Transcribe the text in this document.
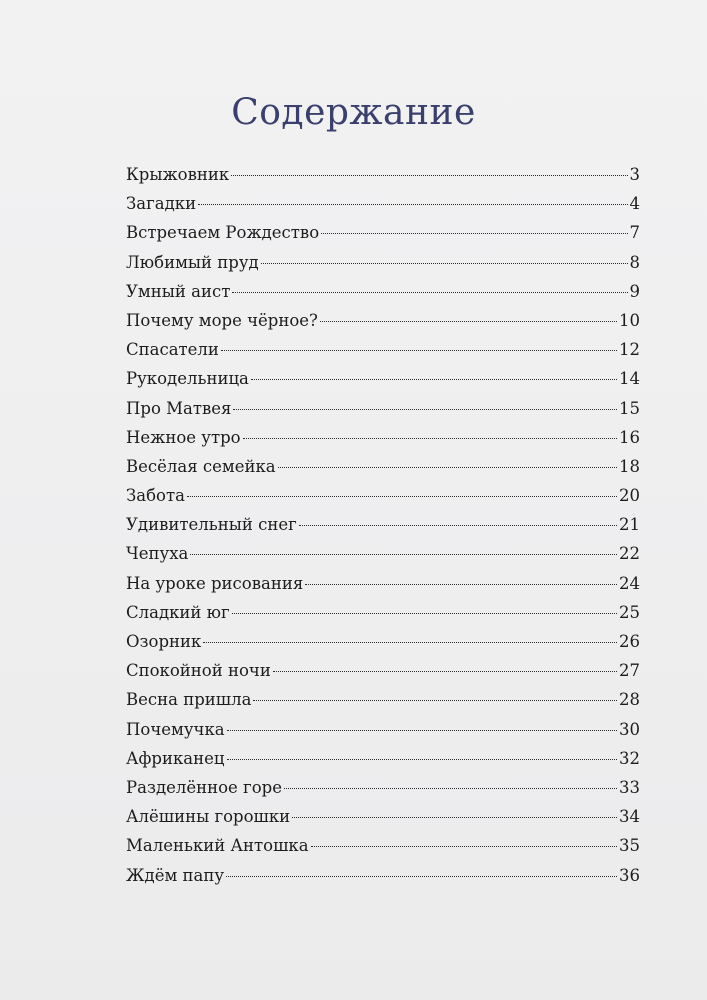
Содержание
Крыжовник	3
Загадки	4
Встречаем Рождество	7
Любимый пруд	8
Умный аист	9
Почему море чёрное?	10
Спасатели	12
Рукодельница	14
Про Матвея	15
Нежное утро	16
Весёлая семейка	18
Забота	20
Удивительный снег	21
Чепуха	22
На уроке рисования	24
Сладкий юг	25
Озорник	26
Спокойной ночи	27
Весна пришла	28
Почемучка	30
Африканец	32
Разделённое горе	33
Алёшины горошки	34
Маленький Антошка	35
Ждём папу	36
